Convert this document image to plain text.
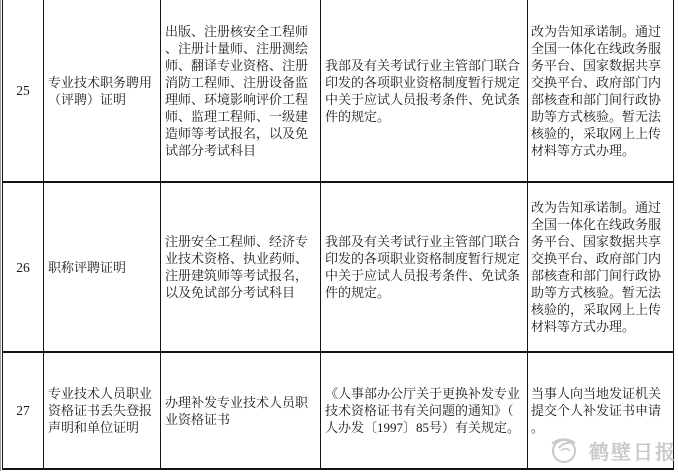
25
专业技术职务聘用（评聘）证明
出版、注册核安全工程师、注册计量师、注册测绘师、翻译专业资格、注册消防工程师、注册设备监理师、环境影响评价工程师、监理工程师、一级建造师等考试报名，以及免试部分考试科目
我部及有关考试行业主管部门联合印发的各项职业资格制度暂行规定中关于应试人员报考条件、免试条件的规定。
改为告知承诺制。通过全国一体化在线政务服务平台、国家数据共享交换平台、政府部门内部核查和部门间行政协助等方式核验。暂无法核验的，采取网上上传材料等方式办理。
26	职称评聘证明
注册安全工程师、经济专业技术资格、执业药师、注册建筑师等考试报名，以及免试部分考试科目
我部及有关考试行业主管部门联合印发的各项职业资格制度暂行规定中关于应试人员报考条件、免试条件的规定。
改为告知承诺制。通过全国一体化在线政务服务平台、国家数据共享交换平台、政府部门内部核查和部门间行政协助等方式核验。暂无法核验的，采取网上上传材料等方式办理。
27
专业技术人员职业资格证书丢失登报声明和单位证明
办理补发专业技术人员职业资格证书
《人事部办公厅关于更换补发专业技术资格证书有关问题的通知》（人办发〔1997〕85号）有关规定。
当事人向当地发证机关提交个人补发证书申请。
鹤壁日报
